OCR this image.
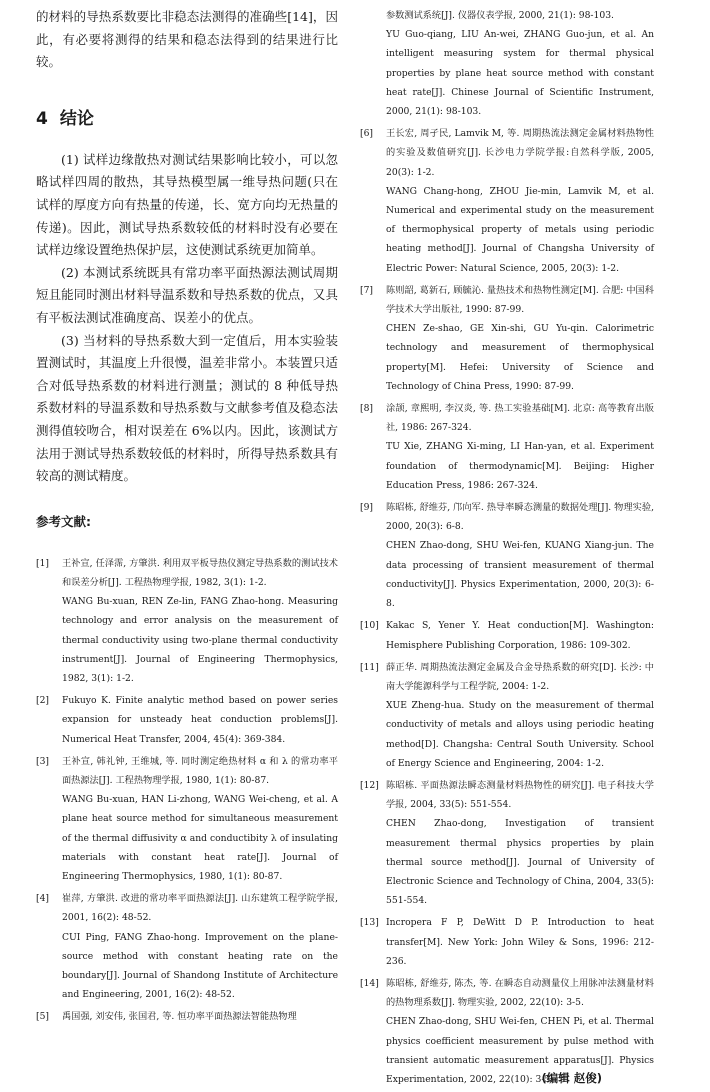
的材料的导热系数要比非稳态法测得的准确些[14]，因此，有必要将测得的结果和稳态法得到的结果进行比较。

4 结论

(1) 试样边缘散热对测试结果影响比较小，可以忽略试样四周的散热，其导热模型属一维导热问题(只在试样的厚度方向有热量的传递，长、宽方向均无热量的传递)。因此，测试导热系数较低的材料时没有必要在试样边缘设置绝热保护层，这使测试系统更加简单。

(2) 本测试系统既具有常功率平面热源法测试周期短且能同时测出材料导温系数和导热系数的优点，又具有平板法测试准确度高、误差小的优点。

(3) 当材料的导热系数大到一定值后，用本实验装置测试时，其温度上升很慢，温差非常小。本装置只适合对低导热系数的材料进行测量；测试的 8 种低导热系数材料的导温系数和导热系数与文献参考值及稳态法测得值较吻合，相对误差在 6%以内。因此，该测试方法用于测试导热系数较低的材料时，所得导热系数具有较高的测试精度。

参考文献:
[1]	王补宣, 任泽霈, 方肇洪. 利用双平板导热仪测定导热系数的测试技术和误差分析[J]. 工程热物理学报, 1982, 3(1): 1-2.
WANG Bu-xuan, REN Ze-lin, FANG Zhao-hong. Measuring technology and error analysis on the measurement of thermal conductivity using two-plane thermal conductivity instrument[J]. Journal of Engineering Thermophysics, 1982, 3(1): 1-2.
[2]	Fukuyo K. Finite analytic method based on power series expansion for unsteady heat conduction problems[J]. Numerical Heat Transfer, 2004, 45(4): 369-384.
[3]	王补宣, 韩礼钟, 王维城, 等. 同时测定绝热材料 α 和 λ 的常功率平面热源法[J]. 工程热物理学报, 1980, 1(1): 80-87.
WANG Bu-xuan, HAN Li-zhong, WANG Wei-cheng, et al. A plane heat source method for simultaneous measurement of the thermal diffusivity α and conductibity λ of insulating materials with constant heat rate[J]. Journal of Engineering Thermophysics, 1980, 1(1): 80-87.
[4]	崔萍, 方肇洪. 改进的常功率平面热源法[J]. 山东建筑工程学院学报, 2001, 16(2): 48-52.
CUI Ping, FANG Zhao-hong. Improvement on the plane-source method with constant heating rate on the boundary[J]. Journal of Shandong Institute of Architecture and Engineering, 2001, 16(2): 48-52.
[5]	禹国强, 刘安伟, 张国君, 等. 恒功率平面热源法智能热物理
参数测试系统[J]. 仪器仪表学报, 2000, 21(1): 98-103.
YU Guo-qiang, LIU An-wei, ZHANG Guo-jun, et al. An intelligent measuring system for thermal physical properties by plane heat source method with constant heat rate[J]. Chinese Journal of Scientific Instrument, 2000, 21(1): 98-103.
[6]	王长宏, 周孑民, Lamvik M, 等. 周期热流法测定金属材料热物性的实验及数值研究[J]. 长沙电力学院学报:自然科学版, 2005, 20(3): 1-2.
WANG Chang-hong, ZHOU Jie-min, Lamvik M, et al. Numerical and experimental study on the measurement of thermophysical property of metals using periodic heating method[J]. Journal of Changsha University of Electric Power: Natural Science, 2005, 20(3): 1-2.
[7]	陈则韶, 葛新石, 顾毓沁. 量热技术和热物性测定[M]. 合肥: 中国科学技术大学出版社, 1990: 87-99.
CHEN Ze-shao, GE Xin-shi, GU Yu-qin. Calorimetric technology and measurement of thermophysical property[M]. Hefei: University of Science and Technology of China Press, 1990: 87-99.
[8]	涂颉, 章熙明, 李汉炎, 等. 热工实验基础[M]. 北京: 高等教育出版社, 1986: 267-324.
TU Xie, ZHANG Xi-ming, LI Han-yan, et al. Experiment foundation of thermodynamic[M]. Beijing: Higher Education Press, 1986: 267-324.
[9]	陈昭栋, 舒维芬, 邝向军. 热导率瞬态测量的数据处理[J]. 物理实验, 2000, 20(3): 6-8.
CHEN Zhao-dong, SHU Wei-fen, KUANG Xiang-jun. The data processing of transient measurement of thermal conductivity[J]. Physics Experimentation, 2000, 20(3): 6-8.
[10] Kakac S, Yener Y. Heat conduction[M]. Washington: Hemisphere Publishing Corporation, 1986: 109-302.
[11] 薛正华. 周期热流法测定金属及合金导热系数的研究[D]. 长沙: 中南大学能源科学与工程学院, 2004: 1-2.
XUE Zheng-hua. Study on the measurement of thermal conductivity of metals and alloys using periodic heating method[D]. Changsha: Central South University. School of Energy Science and Engineering, 2004: 1-2.
[12] 陈昭栋. 平面热源法瞬态测量材料热物性的研究[J]. 电子科技大学学报, 2004, 33(5): 551-554.
CHEN Zhao-dong, Investigation of transient measurement thermal physics properties by plain thermal source method[J]. Journal of University of Electronic Science and Technology of China, 2004, 33(5): 551-554.
[13] Incropera F P, DeWitt D P. Introduction to heat transfer[M]. New York: John Wiley & Sons, 1996: 212-236.
[14] 陈昭栋, 舒维芬, 陈杰, 等. 在瞬态自动测量仪上用脉冲法测量材料的热物理系数[J]. 物理实验, 2002, 22(10): 3-5.
CHEN Zhao-dong, SHU Wei-fen, CHEN Pi, et al. Thermal physics coefficient measurement by pulse method with transient automatic measurement apparatus[J]. Physics Experimentation, 2002, 22(10): 3-5.
(编辑 赵俊)
